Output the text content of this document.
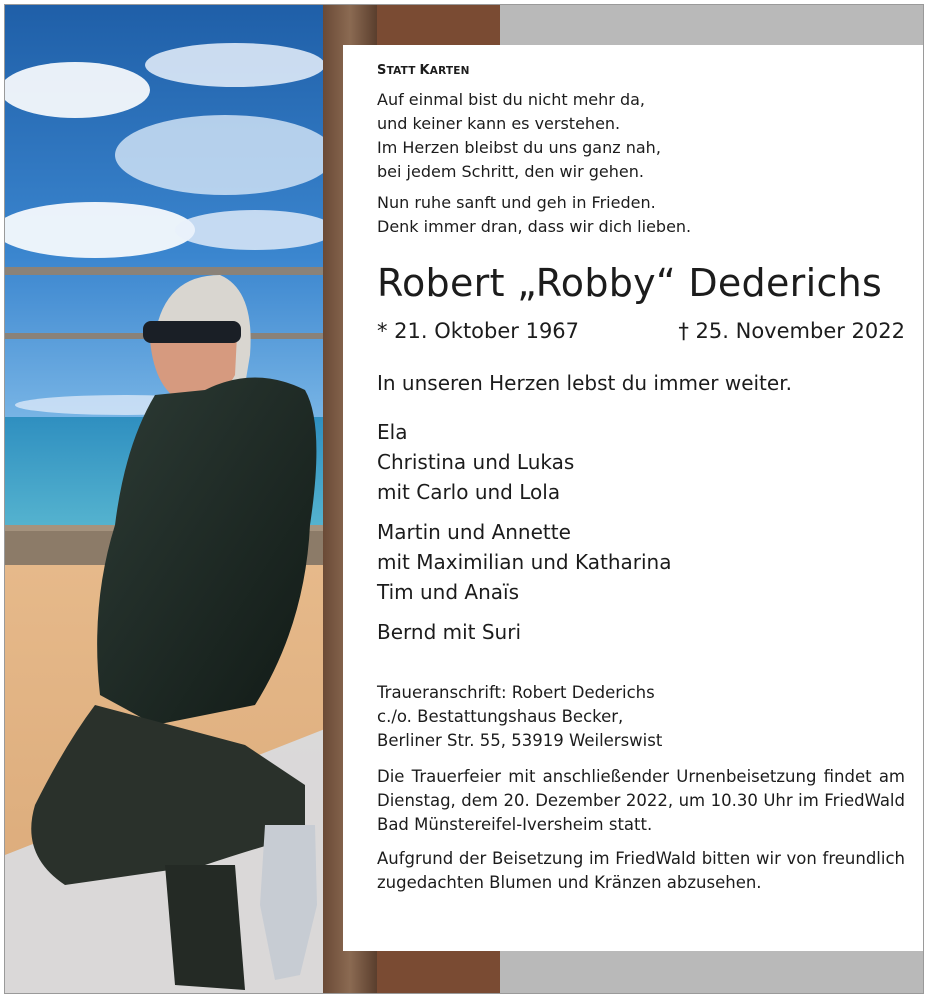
STATT KARTEN

Auf einmal bist du nicht mehr da,

und keiner kann es verstehen.

Im Herzen bleibst du uns ganz nah,

bei jedem Schritt, den wir gehen.

Nun ruhe sanft und geh in Frieden.

Denk immer dran, dass wir dich lieben.

Robert „Robby“ Dederichs
* 21. Oktober 1967	† 25. November 2022
In unseren Herzen lebst du immer weiter.

Ela

Christina und Lukas

mit Carlo und Lola

Martin und Annette

mit Maximilian und Katharina

Tim und Anaïs

Bernd mit Suri

Traueranschrift: Robert Dederichs
c./o. Bestattungshaus Becker,
Berliner Str. 55, 53919 Weilerswist

Die Trauerfeier mit anschließender Urnenbeisetzung findet am Dienstag, dem 20. Dezember 2022, um 10.30 Uhr im FriedWald Bad Münstereifel-Iversheim statt.

Aufgrund der Beisetzung im FriedWald bitten wir von freundlich zugedachten Blumen und Kränzen abzusehen.
